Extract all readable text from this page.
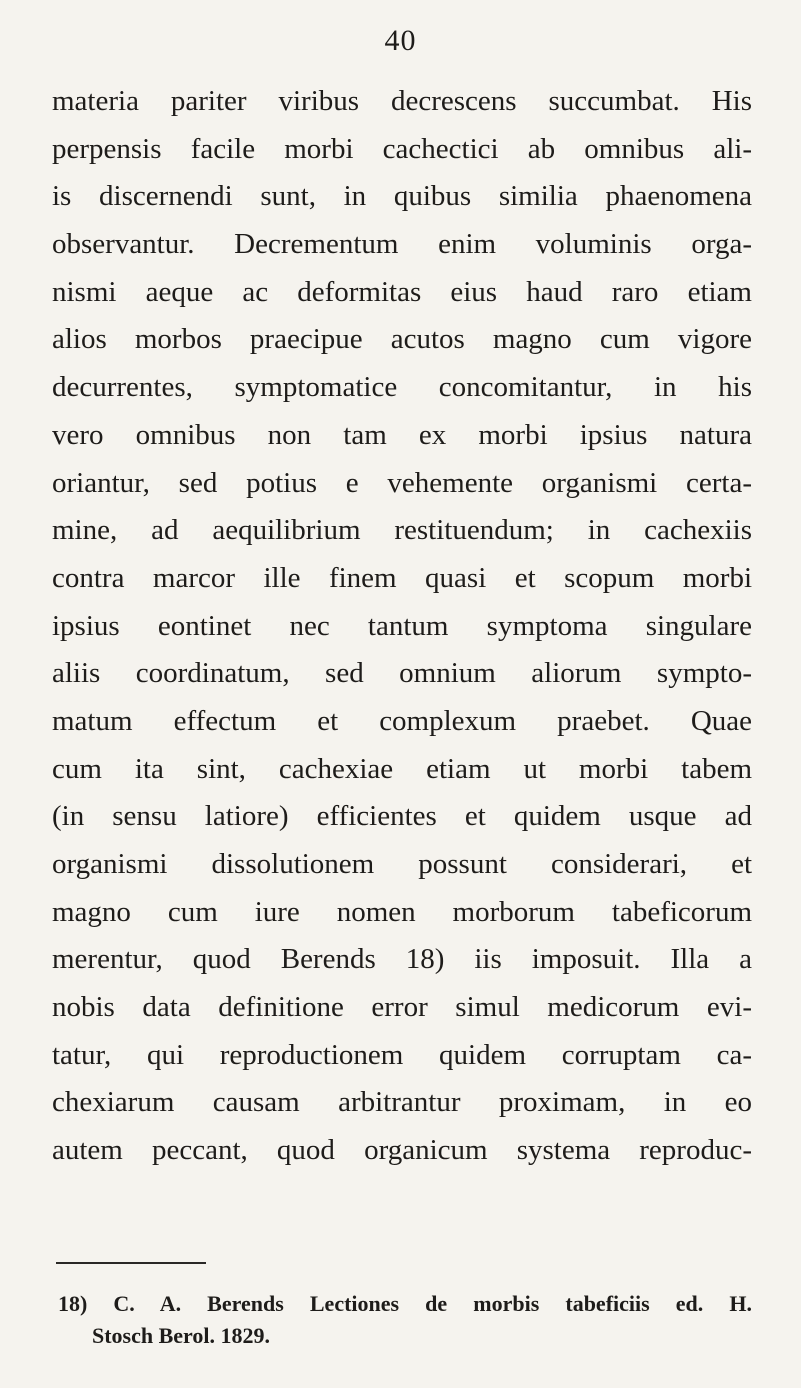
40
materia pariter viribus decrescens succumbat. His
perpensis facile morbi cachectici ab omnibus ali-
is discernendi sunt, in quibus similia phaenomena
observantur. Decrementum enim voluminis orga-
nismi aeque ac deformitas eius haud raro etiam
alios morbos praecipue acutos magno cum vigore
decurrentes, symptomatice concomitantur, in his
vero omnibus non tam ex morbi ipsius natura
oriantur, sed potius e vehemente organismi certa-
mine, ad aequilibrium restituendum; in cachexiis
contra marcor ille finem quasi et scopum morbi
ipsius eontinet nec tantum symptoma singulare
aliis coordinatum, sed omnium aliorum sympto-
matum effectum et complexum praebet. Quae
cum ita sint, cachexiae etiam ut morbi tabem
(in sensu latiore) efficientes et quidem usque ad
organismi dissolutionem possunt considerari, et
magno cum iure nomen morborum tabeficorum
merentur, quod Berends 18) iis imposuit. Illa a
nobis data definitione error simul medicorum evi-
tatur, qui reproductionem quidem corruptam ca-
chexiarum causam arbitrantur proximam, in eo
autem peccant, quod organicum systema reproduc-
18) C. A. Berends Lectiones de morbis tabeficiis ed. H.
Stosch Berol. 1829.
